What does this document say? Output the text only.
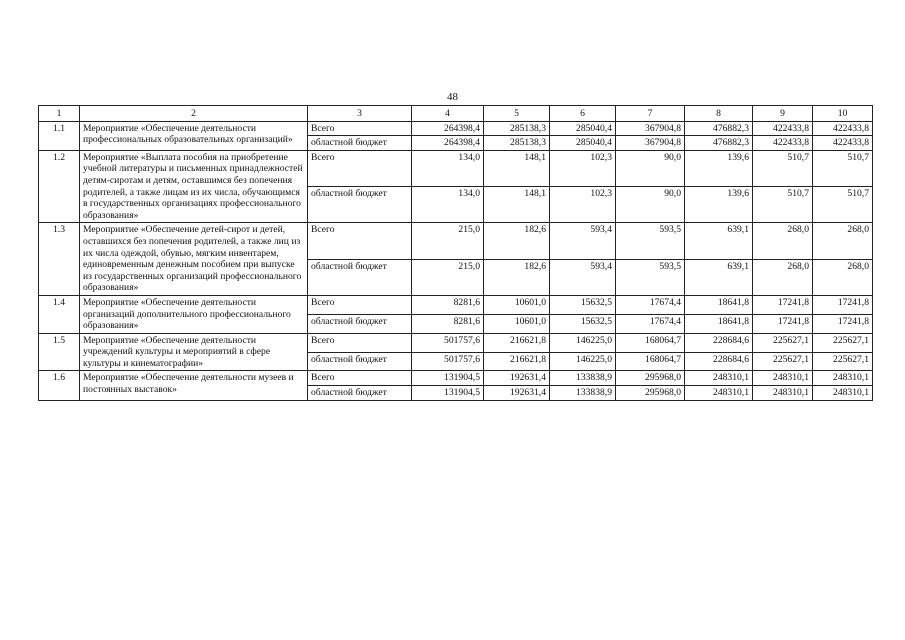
48
1	2	3	4	5	6	7	8	9	10
1.1	Мероприятие «Обеспечение деятельности профессиональных образовательных организаций»	Всего	264398,4	285138,3	285040,4	367904,8	476882,3	422433,8	422433,8
		областной бюджет	264398,4	285138,3	285040,4	367904,8	476882,3	422433,8	422433,8
1.2	Мероприятие «Выплата пособия на приобретение учебной литературы и письменных принадлежностей детям-сиротам и детям, оставшимся без попечения родителей, а также лицам из их числа, обучающимся в государственных организациях профессионального образования»	Всего	134,0	148,1	102,3	90,0	139,6	510,7	510,7
		областной бюджет	134,0	148,1	102,3	90,0	139,6	510,7	510,7
1.3	Мероприятие «Обеспечение детей-сирот и детей, оставшихся без попечения родителей, а также лиц из их числа одеждой, обувью, мягким инвентарем, единовременным денежным пособием при выпуске из государственных организаций профессионального образования»	Всего	215,0	182,6	593,4	593,5	639,1	268,0	268,0
		областной бюджет	215,0	182,6	593,4	593,5	639,1	268,0	268,0
1.4	Мероприятие «Обеспечение деятельности организаций дополнительного профессионального образования»	Всего	8281,6	10601,0	15632,5	17674,4	18641,8	17241,8	17241,8
		областной бюджет	8281,6	10601,0	15632,5	17674,4	18641,8	17241,8	17241,8
1.5	Мероприятие «Обеспечение деятельности учреждений культуры и мероприятий в сфере культуры и кинематографии»	Всего	501757,6	216621,8	146225,0	168064,7	228684,6	225627,1	225627,1
		областной бюджет	501757,6	216621,8	146225,0	168064,7	228684,6	225627,1	225627,1
1.6	Мероприятие «Обеспечение деятельности музеев и постоянных выставок»	Всего	131904,5	192631,4	133838,9	295968,0	248310,1	248310,1	248310,1
		областной бюджет	131904,5	192631,4	133838,9	295968,0	248310,1	248310,1	248310,1
